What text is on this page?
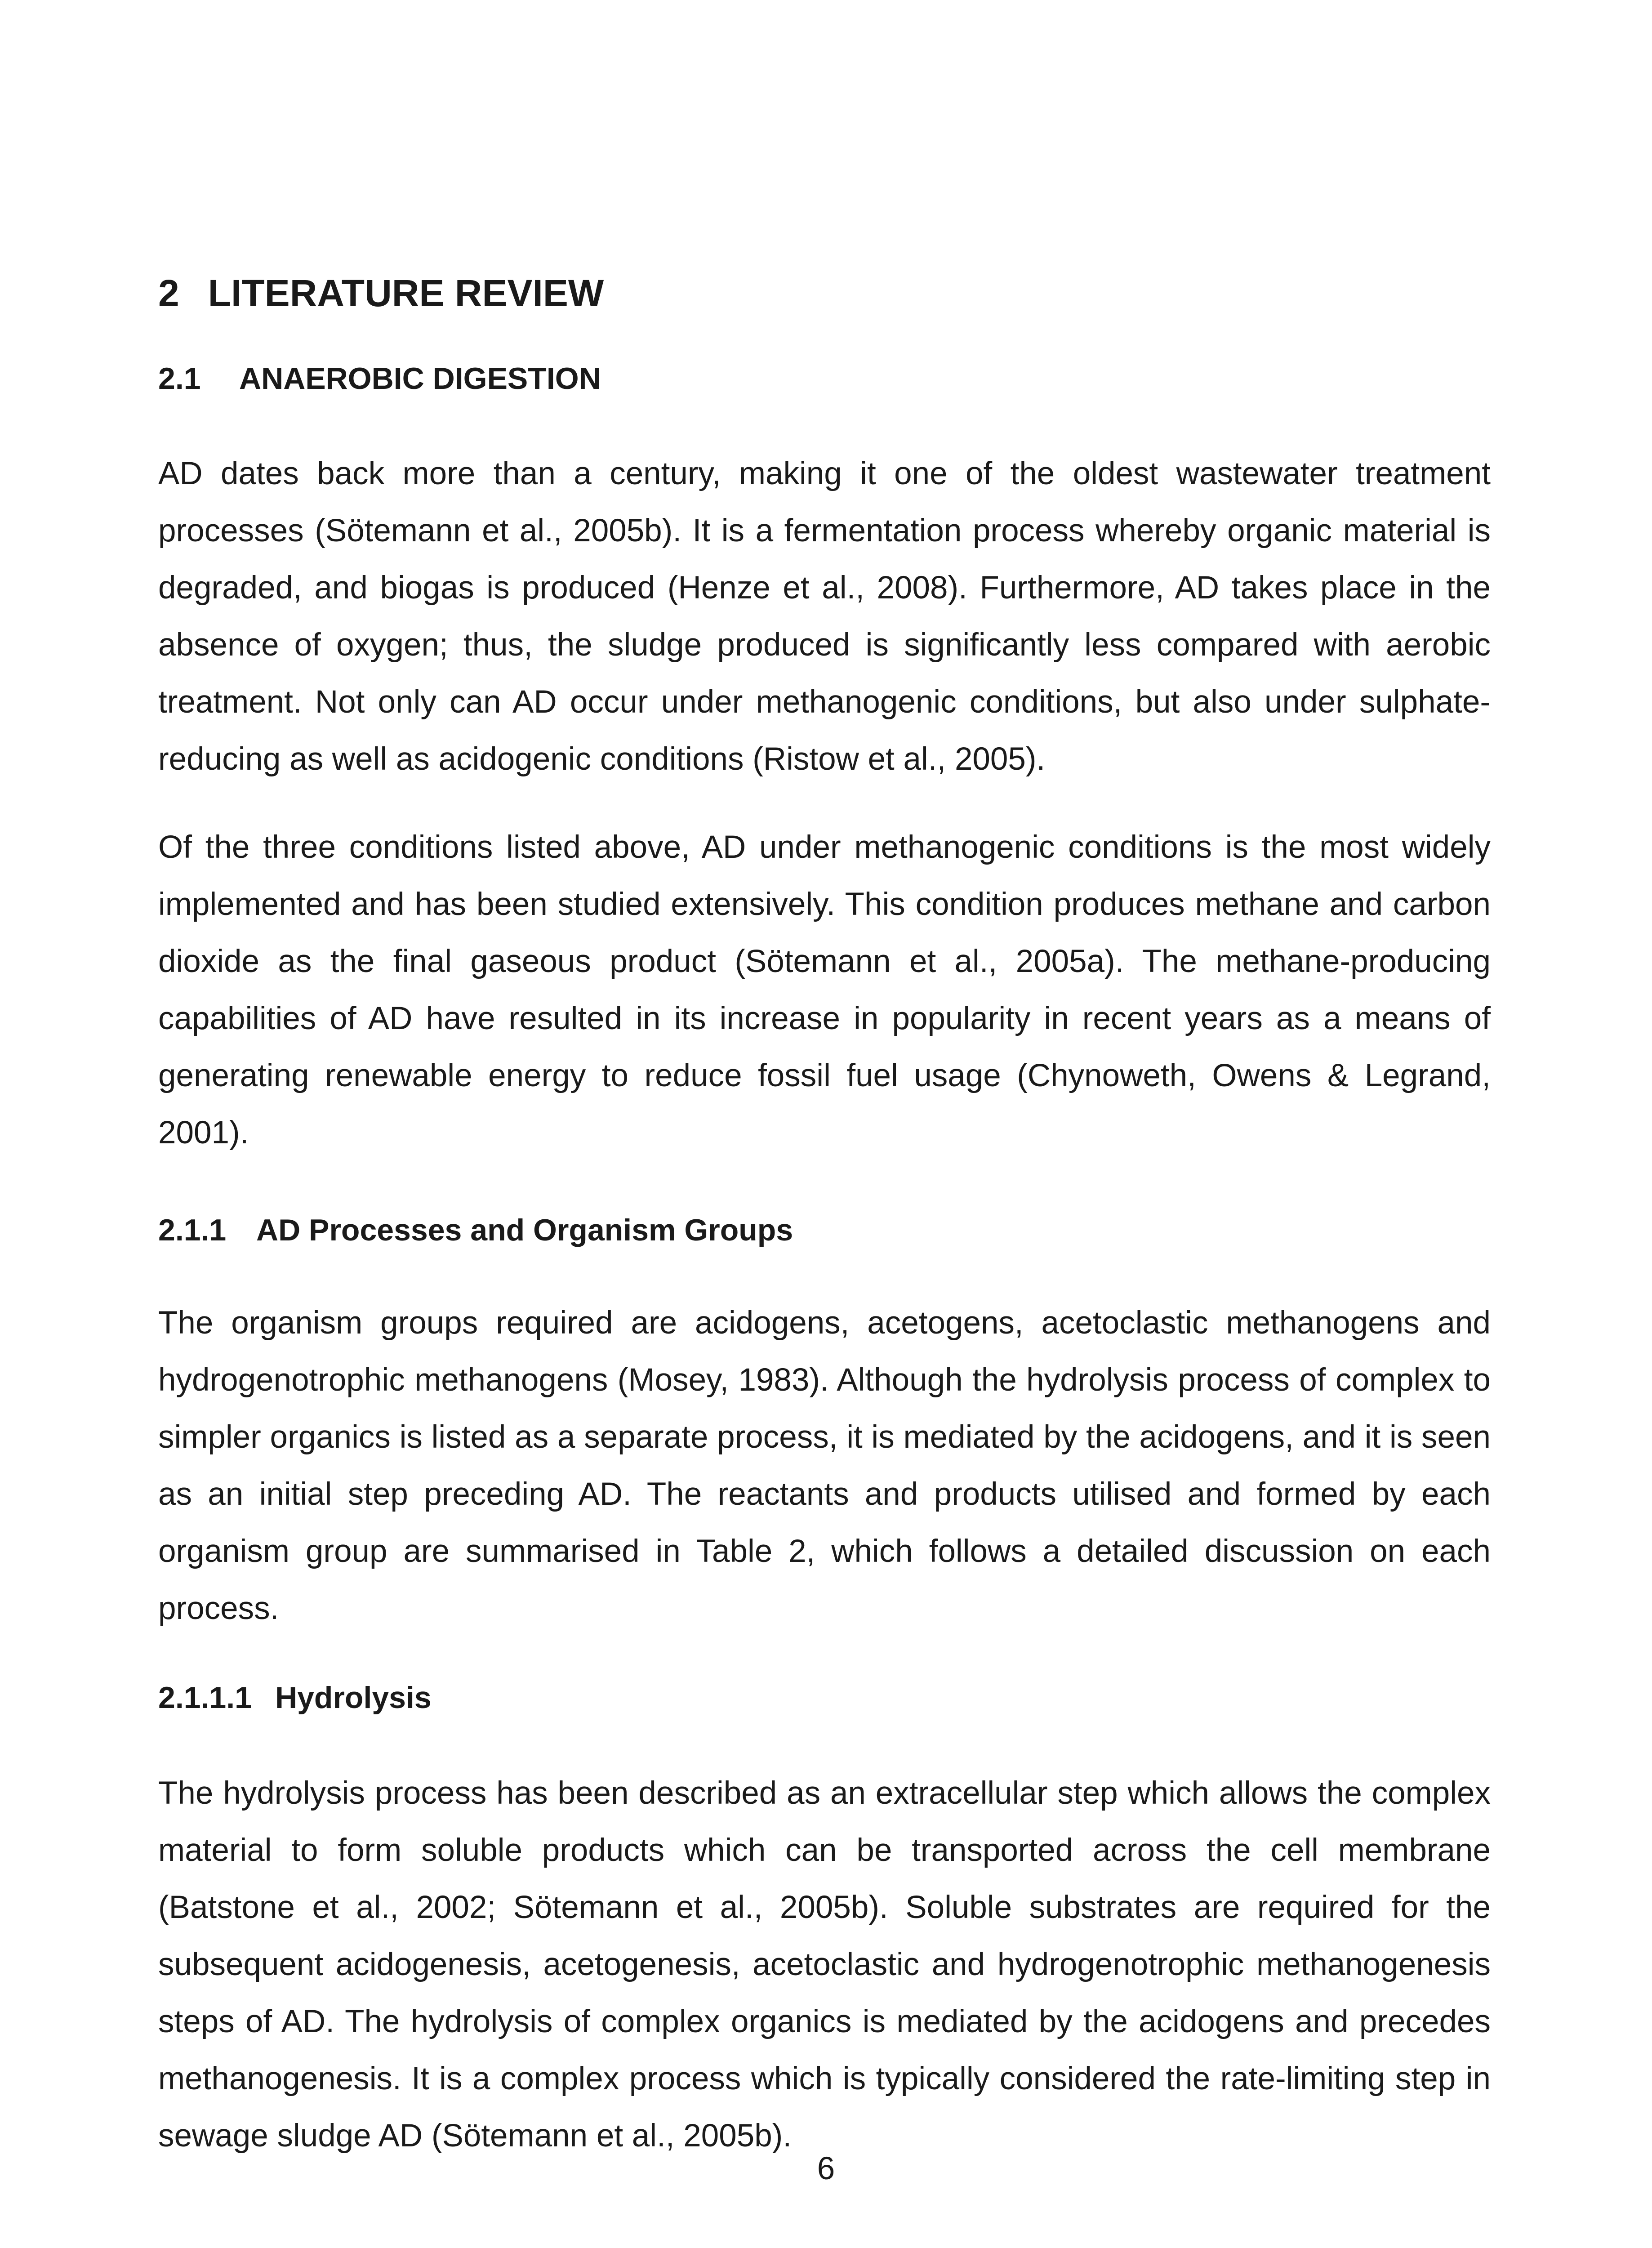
2 LITERATURE REVIEW
2.1 ANAEROBIC DIGESTION

AD dates back more than a century, making it one of the oldest wastewater treatment processes (Sötemann et al., 2005b). It is a fermentation process whereby organic material is degraded, and biogas is produced (Henze et al., 2008). Furthermore, AD takes place in the absence of oxygen; thus, the sludge produced is significantly less compared with aerobic treatment. Not only can AD occur under methanogenic conditions, but also under sulphate-reducing as well as acidogenic conditions (Ristow et al., 2005).

Of the three conditions listed above, AD under methanogenic conditions is the most widely implemented and has been studied extensively. This condition produces methane and carbon dioxide as the final gaseous product (Sötemann et al., 2005a). The methane-producing capabilities of AD have resulted in its increase in popularity in recent years as a means of generating renewable energy to reduce fossil fuel usage (Chynoweth, Owens & Legrand, 2001).

2.1.1 AD Processes and Organism Groups

The organism groups required are acidogens, acetogens, acetoclastic methanogens and hydrogenotrophic methanogens (Mosey, 1983). Although the hydrolysis process of complex to simpler organics is listed as a separate process, it is mediated by the acidogens, and it is seen as an initial step preceding AD. The reactants and products utilised and formed by each organism group are summarised in Table 2, which follows a detailed discussion on each process.

2.1.1.1 Hydrolysis

The hydrolysis process has been described as an extracellular step which allows the complex material to form soluble products which can be transported across the cell membrane (Batstone et al., 2002; Sötemann et al., 2005b). Soluble substrates are required for the subsequent acidogenesis, acetogenesis, acetoclastic and hydrogenotrophic methanogenesis steps of AD. The hydrolysis of complex organics is mediated by the acidogens and precedes methanogenesis. It is a complex process which is typically considered the rate-limiting step in sewage sludge AD (Sötemann et al., 2005b).

6
